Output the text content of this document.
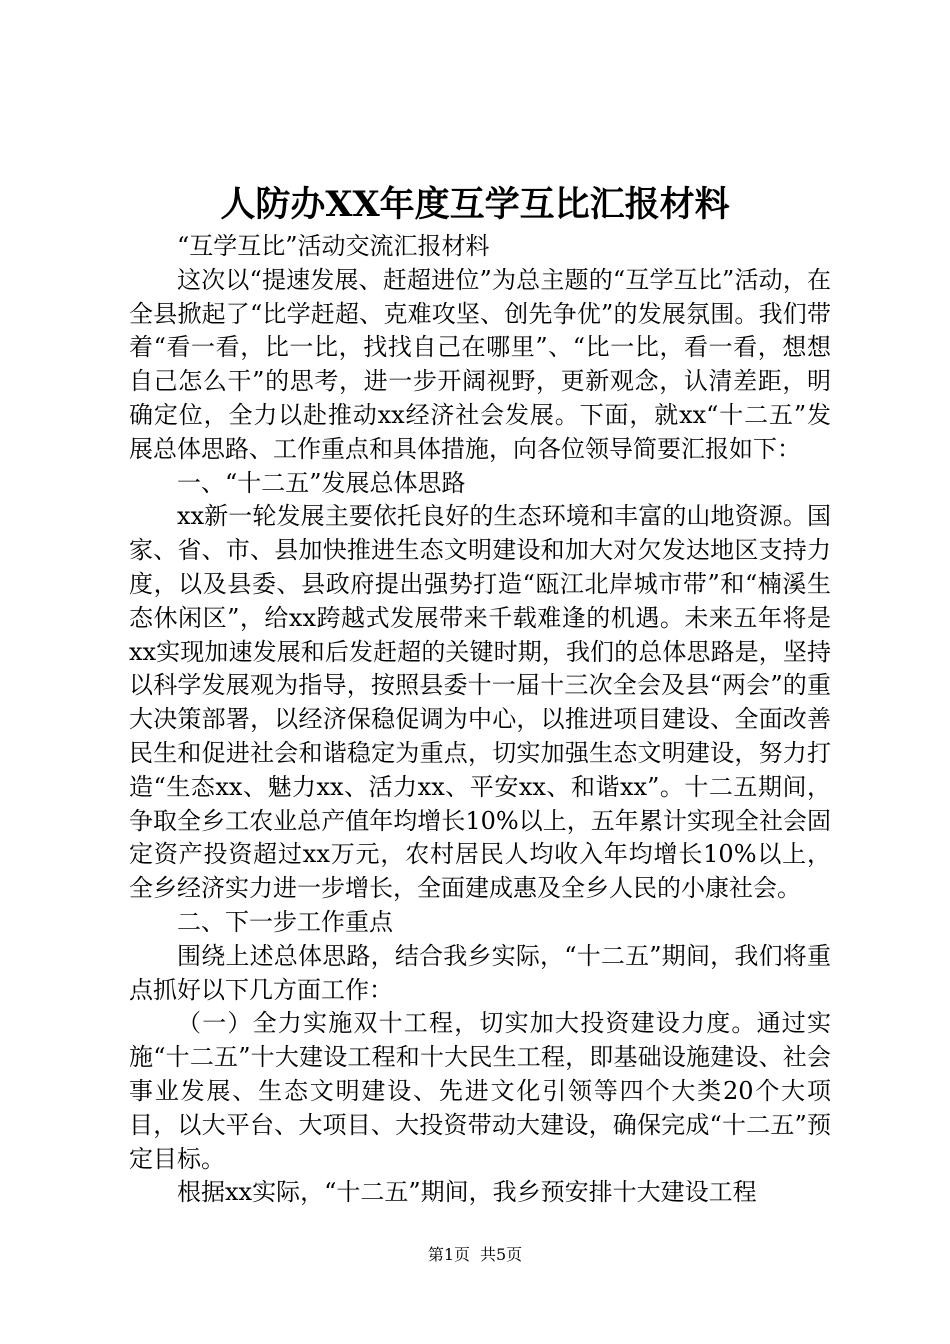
人防办XX年度互学互比汇报材料

“互学互比”活动交流汇报材料

这次以“提速发展、赶超进位”为总主题的“互学互比”活动，在全县掀起了“比学赶超、克难攻坚、创先争优”的发展氛围。我们带着“看一看，比一比，找找自己在哪里”、“比一比，看一看，想想自己怎么干”的思考，进一步开阔视野，更新观念，认清差距，明确定位，全力以赴推动xx经济社会发展。下面，就xx“十二五”发展总体思路、工作重点和具体措施，向各位领导简要汇报如下：

一、“十二五”发展总体思路

xx新一轮发展主要依托良好的生态环境和丰富的山地资源。国家、省、市、县加快推进生态文明建设和加大对欠发达地区支持力度，以及县委、县政府提出强势打造“瓯江北岸城市带”和“楠溪生态休闲区”，给xx跨越式发展带来千载难逢的机遇。未来五年将是xx实现加速发展和后发赶超的关键时期，我们的总体思路是，坚持以科学发展观为指导，按照县委十一届十三次全会及县“两会”的重大决策部署，以经济保稳促调为中心，以推进项目建设、全面改善民生和促进社会和谐稳定为重点，切实加强生态文明建设，努力打造“生态xx、魅力xx、活力xx、平安xx、和谐xx”。十二五期间，争取全乡工农业总产值年均增长10%以上，五年累计实现全社会固定资产投资超过xx万元，农村居民人均收入年均增长10%以上，全乡经济实力进一步增长，全面建成惠及全乡人民的小康社会。

二、下一步工作重点

围绕上述总体思路，结合我乡实际，“十二五”期间，我们将重点抓好以下几方面工作：

（一）全力实施双十工程，切实加大投资建设力度。通过实施“十二五”十大建设工程和十大民生工程，即基础设施建设、社会事业发展、生态文明建设、先进文化引领等四个大类20个大项目，以大平台、大项目、大投资带动大建设，确保完成“十二五”预定目标。

根据xx实际，“十二五”期间，我乡预安排十大建设工程

第1页 共5页
